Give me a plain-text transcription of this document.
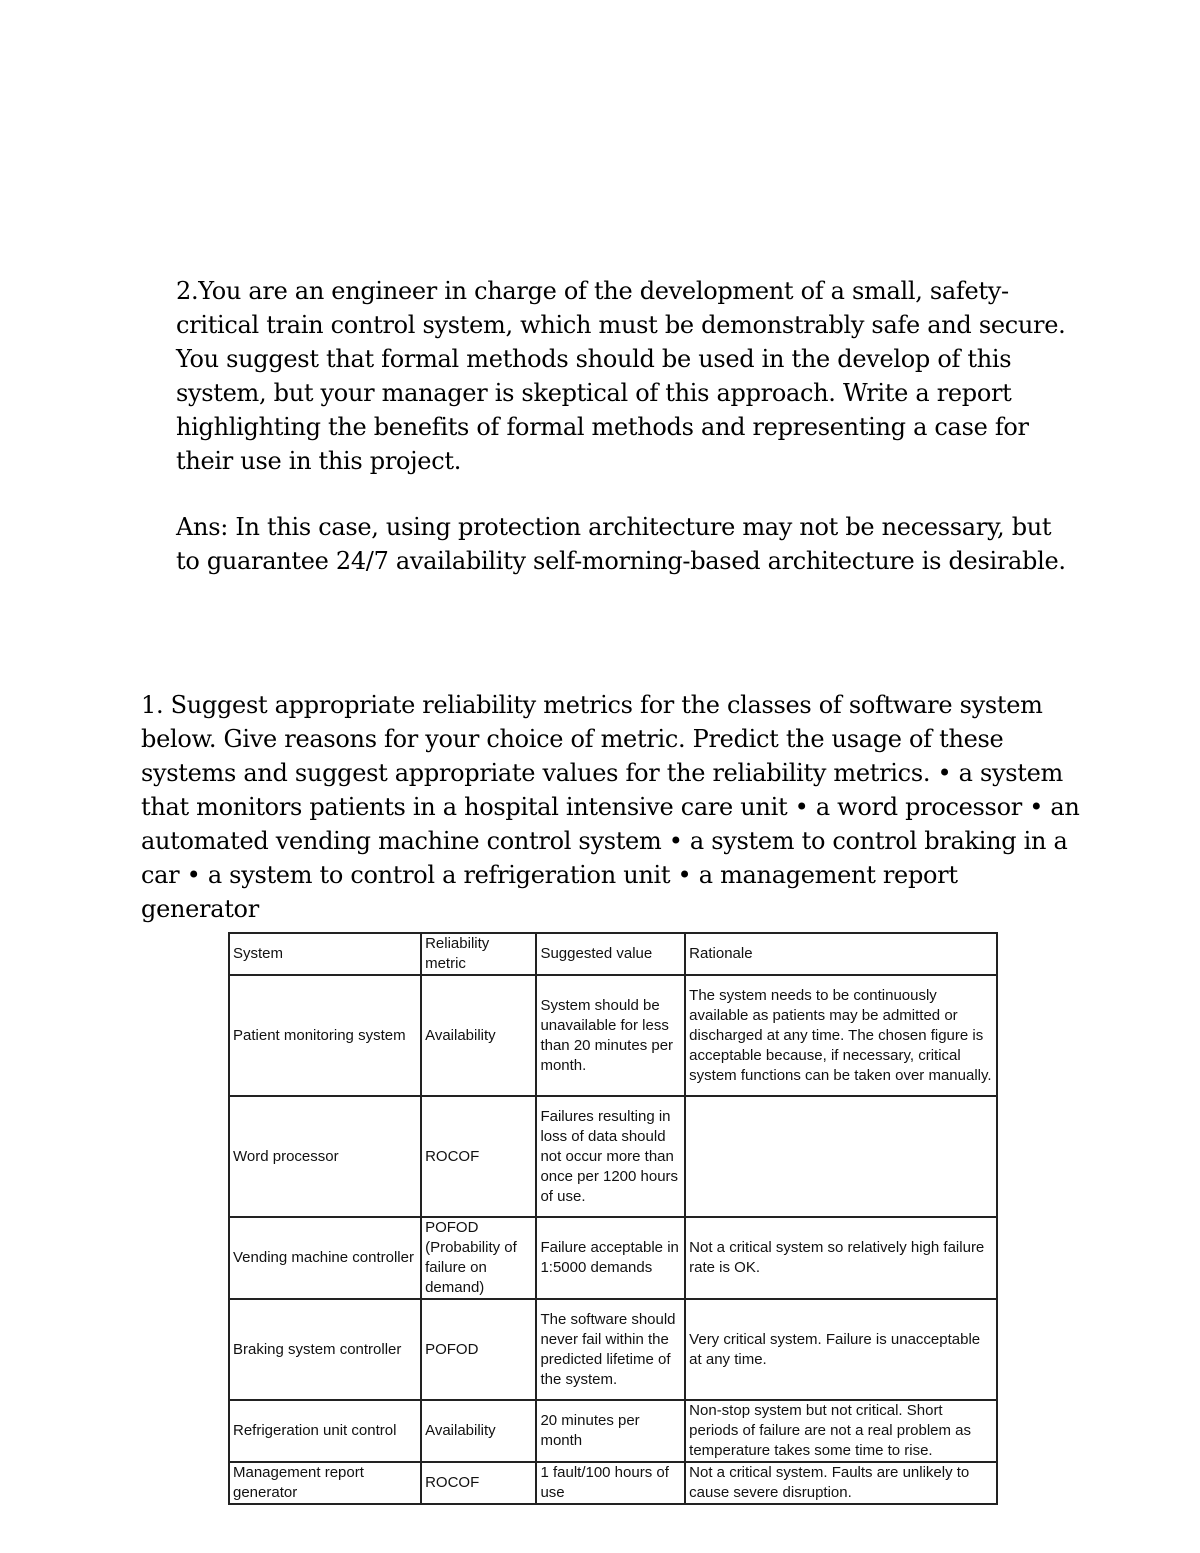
2.You are an engineer in charge of the development of a small, safety-critical train control system, which must be demonstrably safe and secure. You suggest that formal methods should be used in the develop of this system, but your manager is skeptical of this approach. Write a report highlighting the benefits of formal methods and representing a case for their use in this project.

Ans: In this case, using protection architecture may not be necessary, but to guarantee 24/7 availability self-morning-based architecture is desirable.

1. Suggest appropriate reliability metrics for the classes of software system below. Give reasons for your choice of metric. Predict the usage of these systems and suggest appropriate values for the reliability metrics. • a system that monitors patients in a hospital intensive care unit • a word processor • an automated vending machine control system • a system to control braking in a car • a system to control a refrigeration unit • a management report generator

System	Reliability metric	Suggested value	Rationale
Patient monitoring system	Availability	System should be unavailable for less than 20 minutes per month.	The system needs to be continuously available as patients may be admitted or discharged at any time. The chosen figure is acceptable because, if necessary, critical system functions can be taken over manually.
Word processor	ROCOF	Failures resulting in loss of data should not occur more than once per 1200 hours of use.	
Vending machine controller	POFOD (Probability of failure on demand)	Failure acceptable in 1:5000 demands	Not a critical system so relatively high failure rate is OK.
Braking system controller	POFOD	The software should never fail within the predicted lifetime of the system.	Very critical system. Failure is unacceptable at any time.
Refrigeration unit control	Availability	20 minutes per month	Non-stop system but not critical. Short periods of failure are not a real problem as temperature takes some time to rise.
Management report generator	ROCOF	1 fault/100 hours of use	Not a critical system. Faults are unlikely to cause severe disruption.
